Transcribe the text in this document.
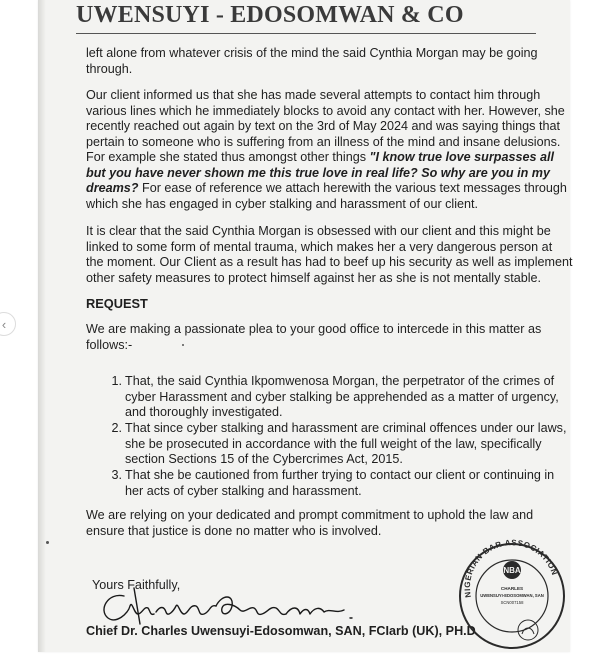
‹
UWENSUYI - EDOSOMWAN & CO
left alone from whatever crisis of the mind the said Cynthia Morgan may be going
through.
Our client informed us that she has made several attempts to contact him through
various lines which he immediately blocks to avoid any contact with her. However, she
recently reached out again by text on the 3rd of May 2024 and was saying things that
pertain to someone who is suffering from an illness of the mind and insane delusions.
For example she stated thus amongst other things "I know true love surpasses all
but you have never shown me this true love in real life? So why are you in my
dreams? For ease of reference we attach herewith the various text messages through
which she has engaged in cyber stalking and harassment of our client.
It is clear that the said Cynthia Morgan is obsessed with our client and this might be
linked to some form of mental trauma, which makes her a very dangerous person at
the moment. Our Client as a result has had to beef up his security as well as implement
other safety measures to protect himself against her as she is not mentally stable.
REQUEST
We are making a passionate plea to your good office to intercede in this matter as
follows:-
1. That, the said Cynthia Ikpomwenosa Morgan, the perpetrator of the crimes of
cyber Harassment and cyber stalking be apprehended as a matter of urgency,
and thoroughly investigated.
2. That since cyber stalking and harassment are criminal offences under our laws,
she be prosecuted in accordance with the full weight of the law, specifically
section Sections 15 of the Cybercrimes Act, 2015.
3. That she be cautioned from further trying to contact our client or continuing in
her acts of cyber stalking and harassment.
We are relying on your dedicated and prompt commitment to uphold the law and
ensure that justice is done no matter who is involved.
Yours Faithfully,
Chief Dr. Charles Uwensuyi-Edosomwan, SAN, FCIarb (UK), PH.D
NIGERIAN BAR ASSOCIATION
NBA
CHARLES
UWENSUYI-EDOSOMWAN, SAN
SCN007158
